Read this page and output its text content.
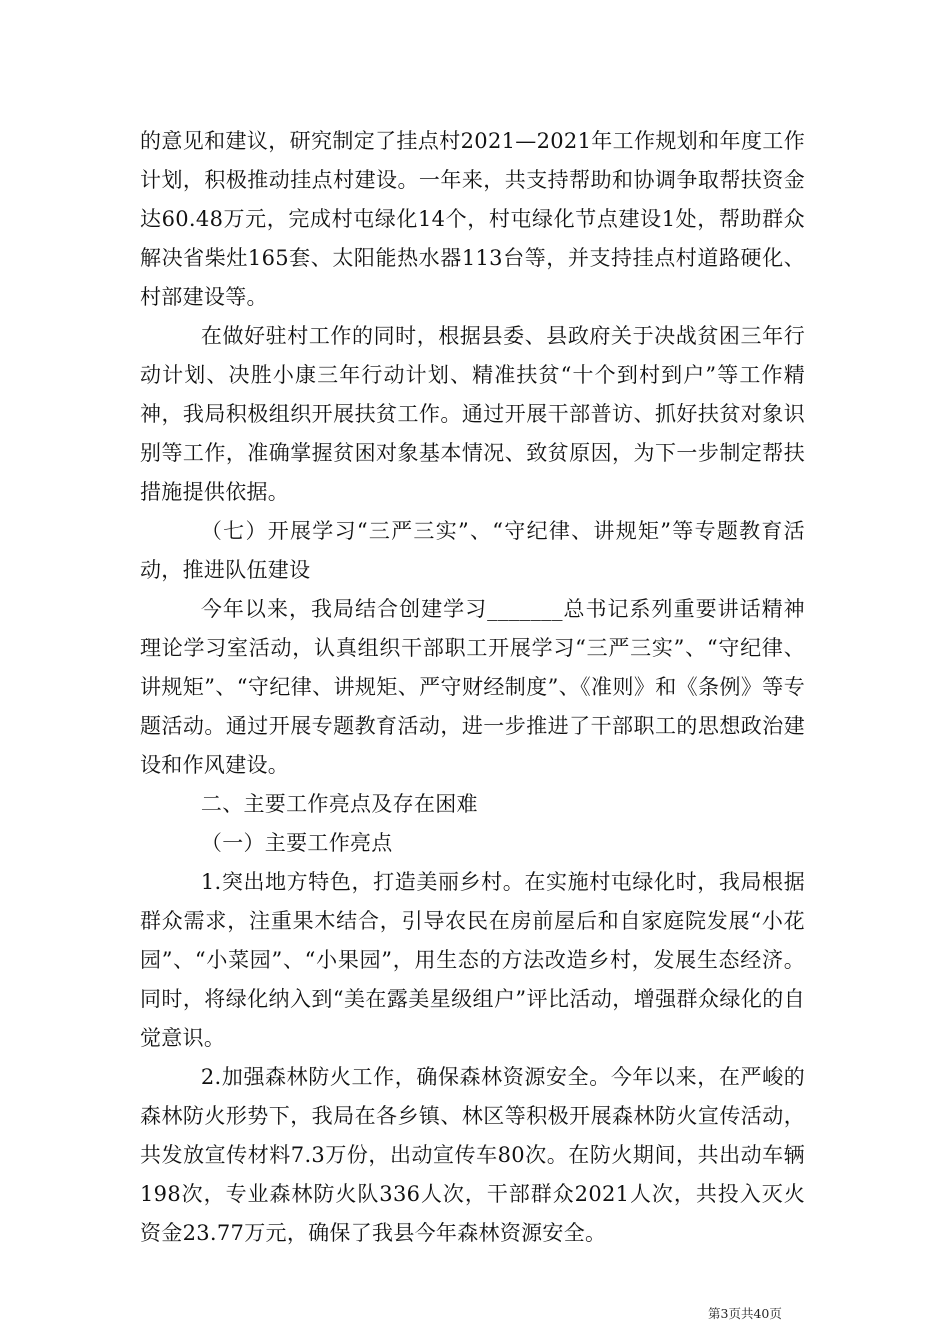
的意见和建议，研究制定了挂点村2021—2021年工作规划和年度工作计划，积极推动挂点村建设。一年来，共支持帮助和协调争取帮扶资金达60.48万元，完成村屯绿化14个，村屯绿化节点建设1处，帮助群众解决省柴灶165套、太阳能热水器113台等，并支持挂点村道路硬化、村部建设等。

在做好驻村工作的同时，根据县委、县政府关于决战贫困三年行动计划、决胜小康三年行动计划、精准扶贫“十个到村到户”等工作精神，我局积极组织开展扶贫工作。通过开展干部普访、抓好扶贫对象识别等工作，准确掌握贫困对象基本情况、致贫原因，为下一步制定帮扶措施提供依据。

（七）开展学习“三严三实”、“守纪律、讲规矩”等专题教育活动，推进队伍建设

今年以来，我局结合创建学习_______总书记系列重要讲话精神理论学习室活动，认真组织干部职工开展学习“三严三实”、“守纪律、讲规矩”、“守纪律、讲规矩、严守财经制度”、《准则》和《条例》等专题活动。通过开展专题教育活动，进一步推进了干部职工的思想政治建设和作风建设。

二、主要工作亮点及存在困难

（一）主要工作亮点

1.突出地方特色，打造美丽乡村。在实施村屯绿化时，我局根据群众需求，注重果木结合，引导农民在房前屋后和自家庭院发展“小花园”、“小菜园”、“小果园”，用生态的方法改造乡村，发展生态经济。同时，将绿化纳入到“美在露美星级组户”评比活动，增强群众绿化的自觉意识。

2.加强森林防火工作，确保森林资源安全。今年以来，在严峻的森林防火形势下，我局在各乡镇、林区等积极开展森林防火宣传活动，共发放宣传材料7.3万份，出动宣传车80次。在防火期间，共出动车辆198次，专业森林防火队336人次，干部群众2021人次，共投入灭火资金23.77万元，确保了我县今年森林资源安全。

第3页共40页
